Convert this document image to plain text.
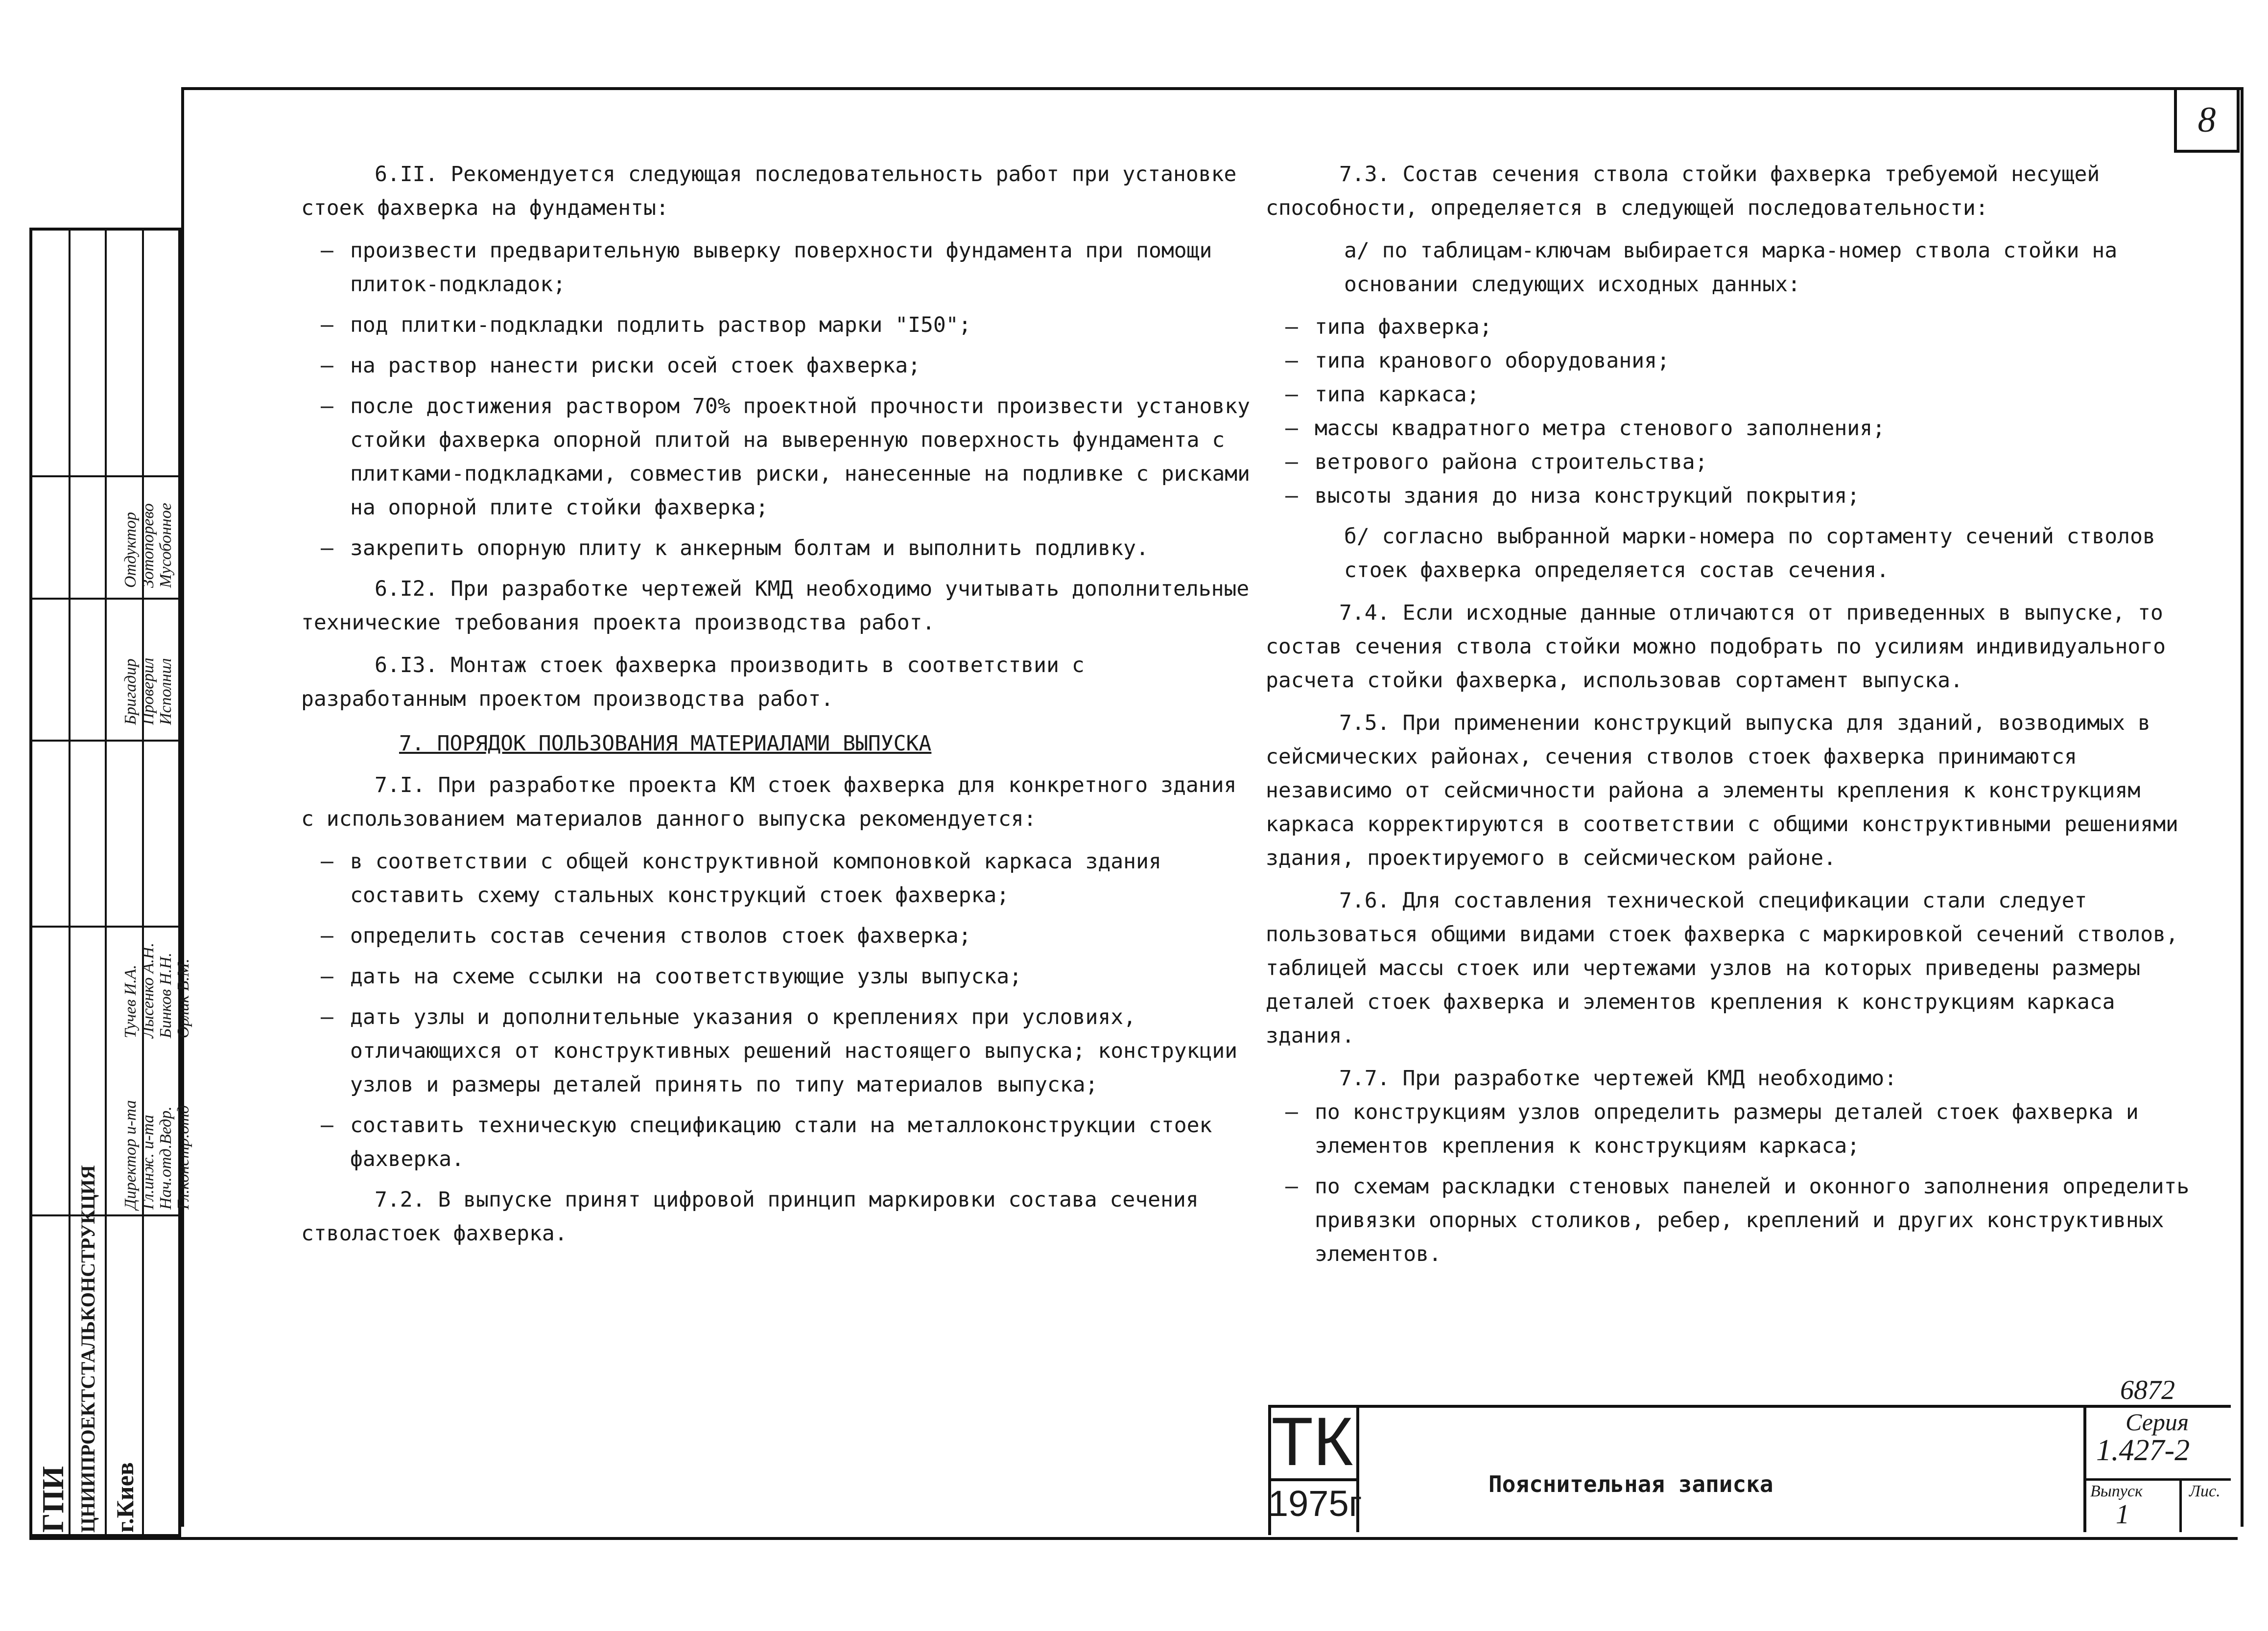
8
Директор и-та Гл.инж. и-та Нач.отд.Ведр. Гл.констр.отд
Тучев И.А. Лысенко А.Н. Бинков Н.Н. Орлик В.М.
Бригадир Проверил Исполнил
Отдуктор Зотопорево Мусобонное
ГПИ ЦНИИПРОЕКТСТАЛЬКОНСТРУКЦИЯ г.Киев

6.II. Рекомендуется следующая последовательность работ при установке стоек фахверка на фундаменты:

– произвести предварительную выверку поверхности фундамента при помощи плиток-подкладок;
– под плитки-подкладки подлить раствор марки "I50";
– на раствор нанести риски осей стоек фахверка;
– после достижения раствором 70% проектной прочности произвести установку стойки фахверка опорной плитой на выверенную поверхность фундамента с плитками-подкладками, совместив риски, нанесенные на подливке с рисками на опорной плите стойки фахверка;
– закрепить опорную плиту к анкерным болтам и выполнить подливку.

6.I2. При разработке чертежей КМД необходимо учитывать дополнительные технические требования проекта производства работ.

6.I3. Монтаж стоек фахверка производить в соответствии с разработанным проектом производства работ.

7. ПОРЯДОК ПОЛЬЗОВАНИЯ МАТЕРИАЛАМИ ВЫПУСКА

7.I. При разработке проекта КМ стоек фахверка для конкретного здания с использованием материалов данного выпуска рекомендуется:

– в соответствии с общей конструктивной компоновкой каркаса здания составить схему стальных конструкций стоек фахверка;
– определить состав сечения стволов стоек фахверка;
– дать на схеме ссылки на соответствующие узлы выпуска;
– дать узлы и дополнительные указания о креплениях при условиях, отличающихся от конструктивных решений настоящего выпуска; конструкции узлов и размеры деталей принять по типу материалов выпуска;
– составить техническую спецификацию стали на металлоконструкции стоек фахверка.

7.2. В выпуске принят цифровой принцип маркировки состава сечения стволастоек фахверка.

7.3. Состав сечения ствола стойки фахверка требуемой несущей способности, определяется в следующей последовательности:

а/ по таблицам-ключам выбирается марка-номер ствола стойки на основании следующих исходных данных:

– типа фахверка;
– типа кранового оборудования;
– типа каркаса;
– массы квадратного метра стенового заполнения;
– ветрового района строительства;
– высоты здания до низа конструкций покрытия;

б/ согласно выбранной марки-номера по сортаменту сечений стволов стоек фахверка определяется состав сечения.

7.4. Если исходные данные отличаются от приведенных в выпуске, то состав сечения ствола стойки можно подобрать по усилиям индивидуального расчета стойки фахверка, использовав сортамент выпуска.

7.5. При применении конструкций выпуска для зданий, возводимых в сейсмических районах, сечения стволов стоек фахверка принимаются независимо от сейсмичности района а элементы крепления к конструкциям каркаса корректируются в соответствии с общими конструктивными решениями здания, проектируемого в сейсмическом районе.

7.6. Для составления технической спецификации стали следует пользоваться общими видами стоек фахверка с маркировкой сечений стволов, таблицей массы стоек или чертежами узлов на которых приведены размеры деталей стоек фахверка и элементов крепления к конструкциям каркаса здания.

7.7. При разработке чертежей КМД необходимо:

– по конструкциям узлов определить размеры деталей стоек фахверка и элементов крепления к конструкциям каркаса;
– по схемам раскладки стеновых панелей и оконного заполнения определить привязки опорных столиков, ребер, креплений и других конструктивных элементов.
ТК
1975г	Пояснительная записка
6872
Серия
1.427-2
Выпуск	Лис.
1
